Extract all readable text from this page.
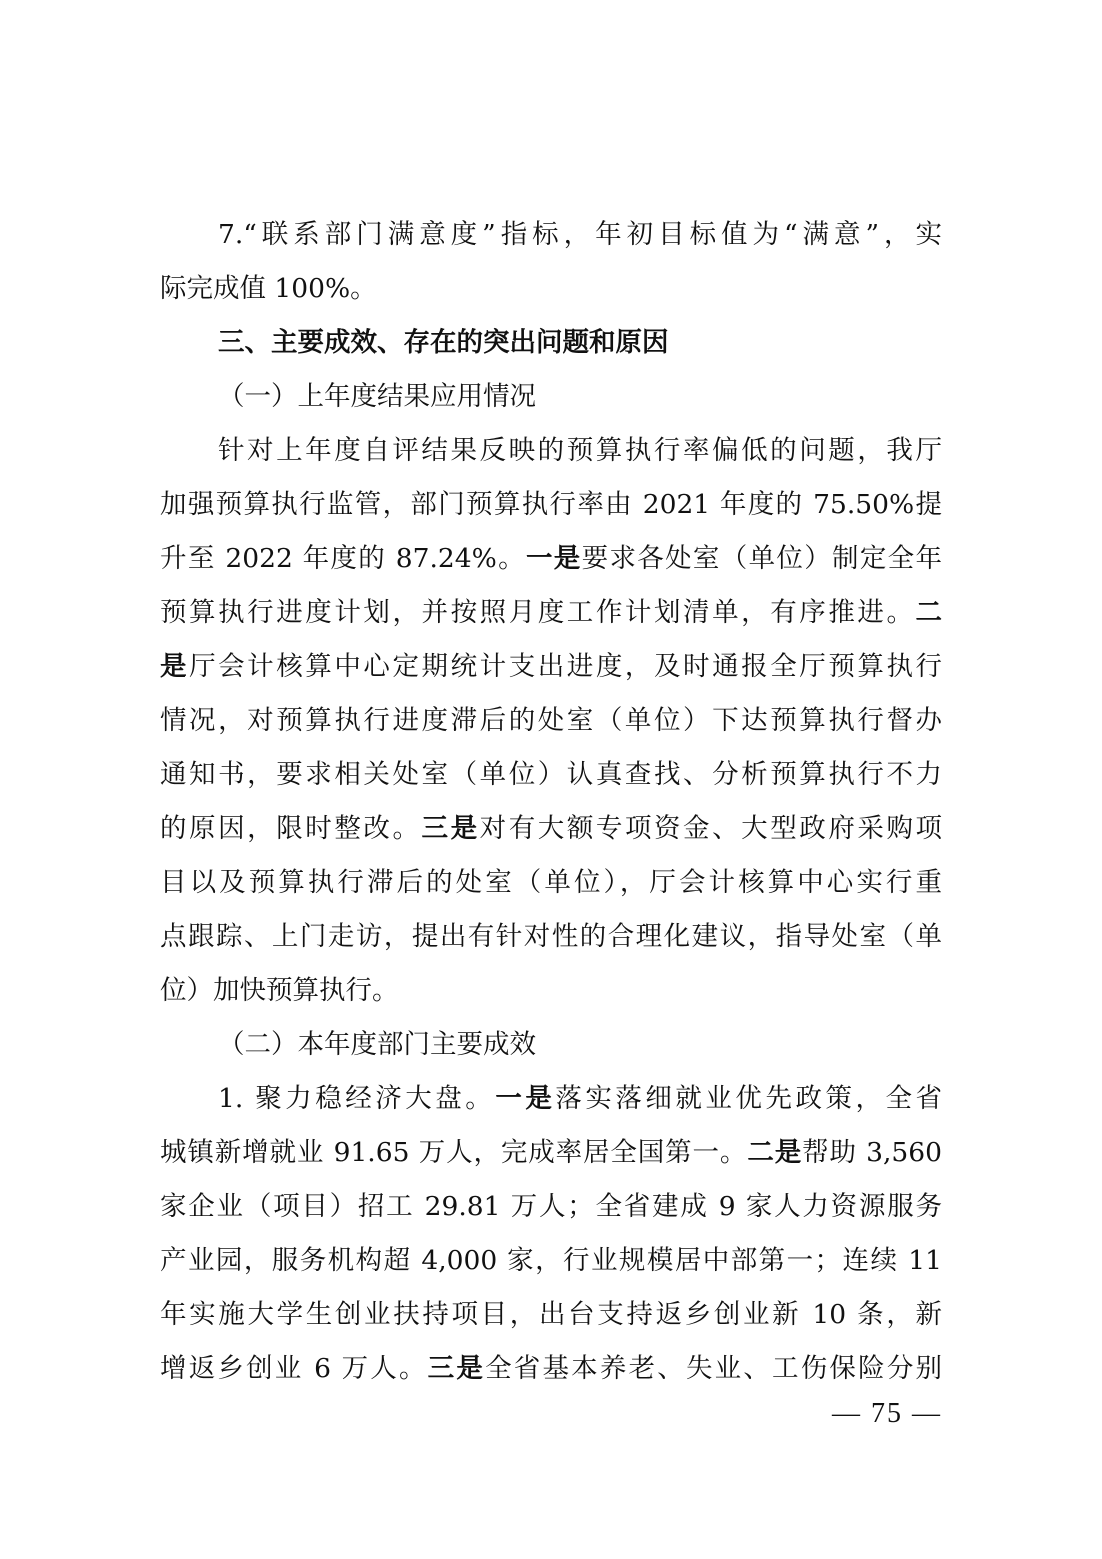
7.“联系部门满意度”指标，年初目标值为“满意”，实
际完成值 100%。
三、主要成效、存在的突出问题和原因
（一）上年度结果应用情况
针对上年度自评结果反映的预算执行率偏低的问题，我厅
加强预算执行监管，部门预算执行率由 2021 年度的 75.50%提
升至 2022 年度的 87.24%。一是要求各处室（单位）制定全年
预算执行进度计划，并按照月度工作计划清单，有序推进。二
是厅会计核算中心定期统计支出进度，及时通报全厅预算执行
情况，对预算执行进度滞后的处室（单位）下达预算执行督办
通知书，要求相关处室（单位）认真查找、分析预算执行不力
的原因，限时整改。三是对有大额专项资金、大型政府采购项
目以及预算执行滞后的处室（单位），厅会计核算中心实行重
点跟踪、上门走访，提出有针对性的合理化建议，指导处室（单
位）加快预算执行。
（二）本年度部门主要成效
1. 聚力稳经济大盘。一是落实落细就业优先政策，全省
城镇新增就业 91.65 万人，完成率居全国第一。二是帮助 3,560
家企业（项目）招工 29.81 万人；全省建成 9 家人力资源服务
产业园，服务机构超 4,000 家，行业规模居中部第一；连续 11
年实施大学生创业扶持项目，出台支持返乡创业新 10 条，新
增返乡创业 6 万人。三是全省基本养老、失业、工伤保险分别
— 75 —
